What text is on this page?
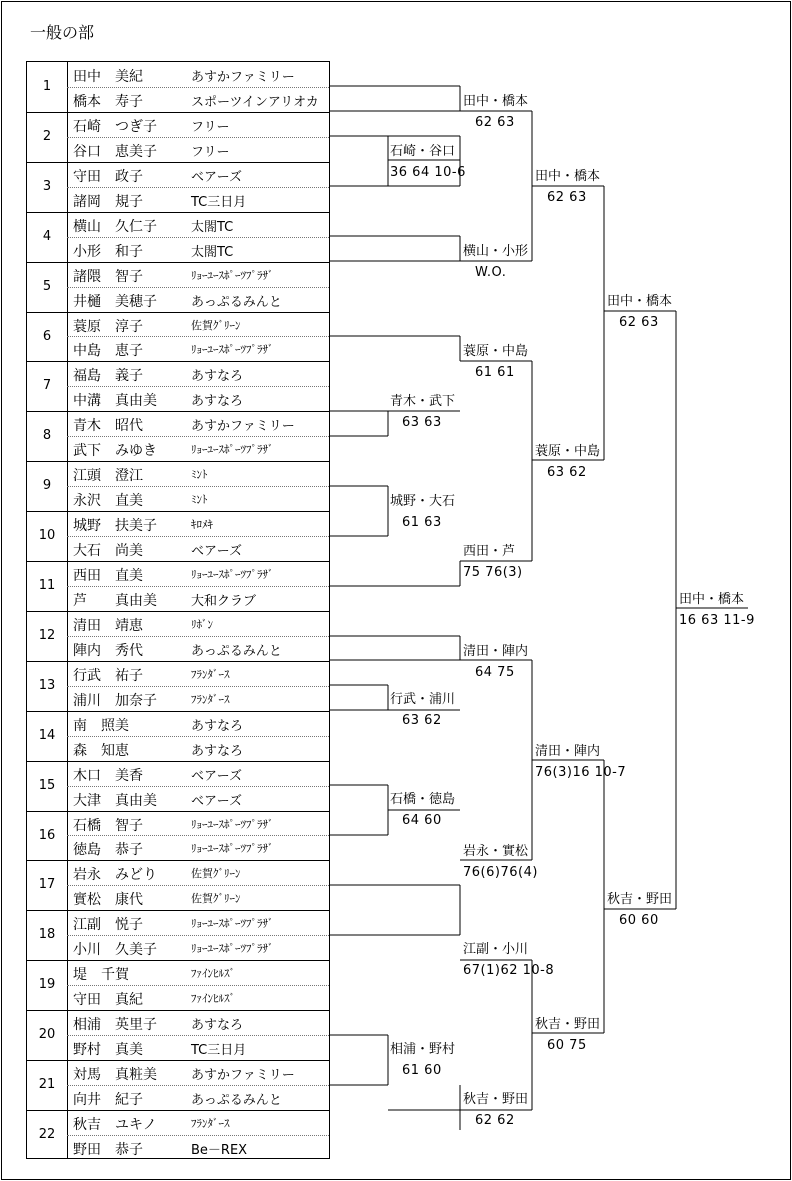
一般の部
1
田中　美紀	あすかファミリー
橋本　寿子	スポーツインアリオカ
2
石崎　つぎ子	フリー
谷口　恵美子	フリー
3
守田　政子	ベアーズ
諸岡　規子	TC三日月
4
横山　久仁子	太閤TC
小形　和子	太閤TC
5
諸隈　智子	ﾘｮｰﾕｰｽﾎﾟｰﾂﾌﾟﾗｻﾞ
井樋　美穂子	あっぷるみんと
6
蓑原　淳子	佐賀ｸﾞﾘｰﾝ
中島　恵子	ﾘｮｰﾕｰｽﾎﾟｰﾂﾌﾟﾗｻﾞ
7
福島　義子	あすなろ
中溝　真由美	あすなろ
8
青木　昭代	あすかファミリー
武下　みゆき	ﾘｮｰﾕｰｽﾎﾟｰﾂﾌﾟﾗｻﾞ
9
江頭　澄江	ﾐﾝﾄ
永沢　直美	ﾐﾝﾄ
10
城野　扶美子	ｷﾛﾒｷ
大石　尚美	ベアーズ
11
西田　直美	ﾘｮｰﾕｰｽﾎﾟｰﾂﾌﾟﾗｻﾞ
芦　　真由美	大和クラブ
12
清田　靖恵	ﾘﾎﾞﾝ
陣内　秀代	あっぷるみんと
13
行武　祐子	ﾌﾗﾝﾀﾞｰｽ
浦川　加奈子	ﾌﾗﾝﾀﾞｰｽ
14
南　照美	あすなろ
森　知恵	あすなろ
15
木口　美香	ベアーズ
大津　真由美	ベアーズ
16
石橋　智子	ﾘｮｰﾕｰｽﾎﾟｰﾂﾌﾟﾗｻﾞ
徳島　恭子	ﾘｮｰﾕｰｽﾎﾟｰﾂﾌﾟﾗｻﾞ
17
岩永　みどり	佐賀ｸﾞﾘｰﾝ
實松　康代	佐賀ｸﾞﾘｰﾝ
18
江副　悦子	ﾘｮｰﾕｰｽﾎﾟｰﾂﾌﾟﾗｻﾞ
小川　久美子	ﾘｮｰﾕｰｽﾎﾟｰﾂﾌﾟﾗｻﾞ
19
堤　千賀	ﾌｧｲﾝﾋﾙｽﾞ
守田　真紀	ﾌｧｲﾝﾋﾙｽﾞ
20
相浦　英里子	あすなろ
野村　真美	TC三日月
21
対馬　真粧美	あすかファミリー
向井　紀子	あっぷるみんと
22
秋吉　ユキノ	ﾌﾗﾝﾀﾞｰｽ
野田　恭子	Be－REX
石崎・谷口
36 64 10-6
田中・橋本
62 63
横山・小形
W.O.
青木・武下
63 63
蓑原・中島
61 61
城野・大石
61 63
西田・芦
75 76(3)
行武・浦川
63 62
清田・陣内
64 75
石橋・徳島
64 60
岩永・實松
76(6)76(4)
江副・小川
67(1)62 10-8
相浦・野村
61 60
秋吉・野田
62 62
田中・橋本
62 63
蓑原・中島
63 62
清田・陣内
76(3)16 10-7
秋吉・野田
60 75
田中・橋本
62 63
秋吉・野田
60 60
田中・橋本
16 63 11-9
